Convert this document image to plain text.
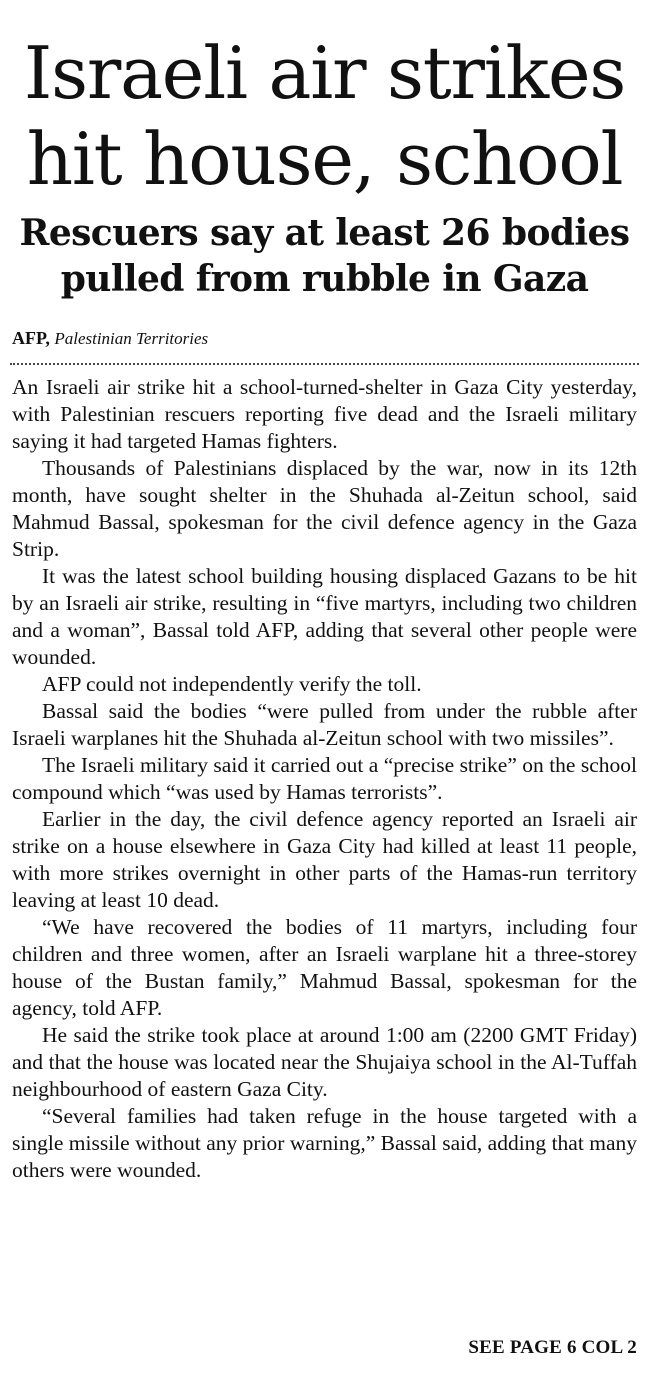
Israeli air strikes hit house, school
Rescuers say at least 26 bodies pulled from rubble in Gaza
AFP, Palestinian Territories

An Israeli air strike hit a school-turned-shelter in Gaza City yesterday, with Palestinian rescuers reporting five dead and the Israeli military saying it had targeted Hamas fighters.

Thousands of Palestinians displaced by the war, now in its 12th month, have sought shelter in the Shuhada al-Zeitun school, said Mahmud Bassal, spokesman for the civil defence agency in the Gaza Strip.

It was the latest school building housing displaced Gazans to be hit by an Israeli air strike, resulting in “five martyrs, including two children and a woman”, Bassal told AFP, adding that several other people were wounded.

AFP could not independently verify the toll.

Bassal said the bodies “were pulled from under the rubble after Israeli warplanes hit the Shuhada al-Zeitun school with two missiles”.

The Israeli military said it carried out a “precise strike” on the school compound which “was used by Hamas terrorists”.

Earlier in the day, the civil defence agency reported an Israeli air strike on a house elsewhere in Gaza City had killed at least 11 people, with more strikes overnight in other parts of the Hamas-run territory leaving at least 10 dead.

“We have recovered the bodies of 11 martyrs, including four children and three women, after an Israeli warplane hit a three-storey house of the Bustan family,” Mahmud Bassal, spokesman for the agency, told AFP.

He said the strike took place at around 1:00 am (2200 GMT Friday) and that the house was located near the Shujaiya school in the Al-Tuffah neighbourhood of eastern Gaza City.

“Several families had taken refuge in the house targeted with a single missile without any prior warning,” Bassal said, adding that many others were wounded.

SEE PAGE 6 COL 2
